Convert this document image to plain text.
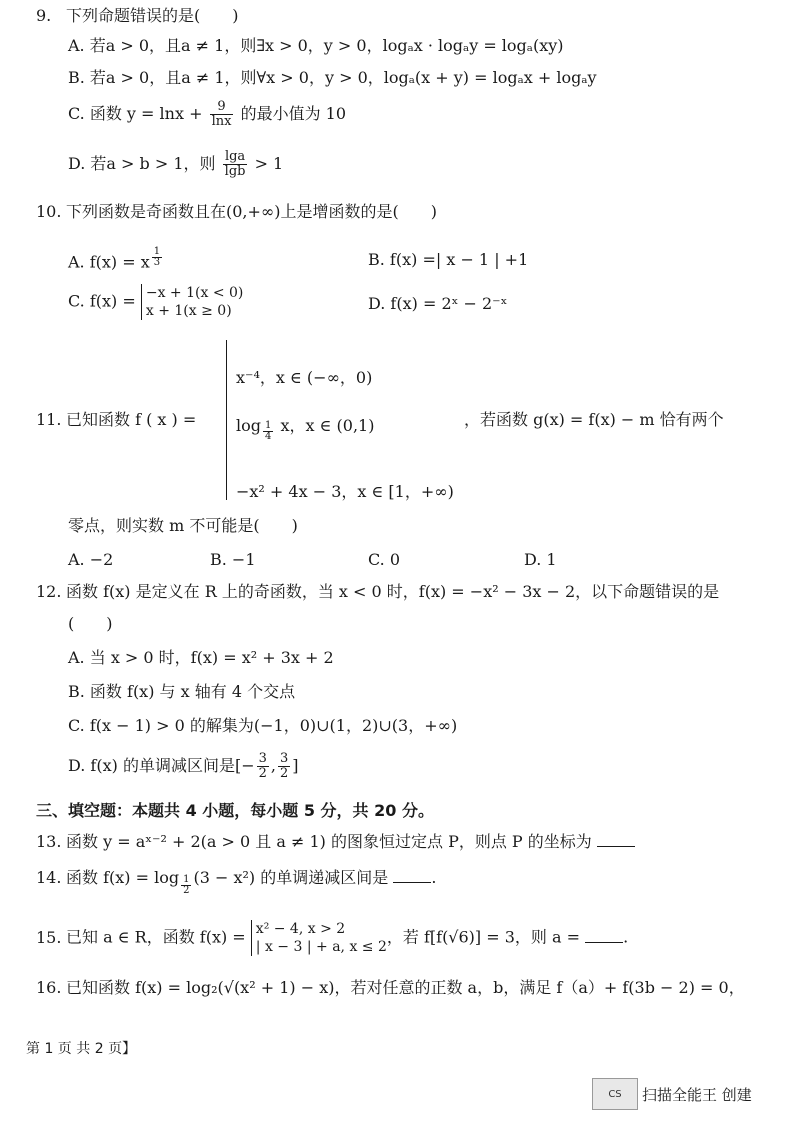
9. 下列命题错误的是(　　)
A. 若a > 0，且a ≠ 1，则∃x > 0，y > 0，logₐx · logₐy = logₐ(xy)
B. 若a > 0，且a ≠ 1，则∀x > 0，y > 0，logₐ(x + y) = logₐx + logₐy
C. 函数 $y = \ln x + \frac{9}{\ln x}$ 的最小值为 10
D. 若a > b > 1，则 $\frac{\lg a}{\lg b} > 1$
10. 下列函数是奇函数且在(0,+∞)上是增函数的是(　　)
A. f(x) = x $^{\frac{1}{3}}$	B. f(x) =| x − 1 | +1
C. f(x) = −x + 1(x < 0)
x + 1(x ≥ 0)	D. f(x) = 2ˣ − 2⁻ˣ
11. 已知函数 f ( x ) =
x⁻⁴，x ∈ (−∞，0)
$\log \frac{1}{4}$ x，x ∈ (0,1)
−x² + 4x − 3，x ∈ [1，+∞)
，若函数 g(x) = f(x) − m 恰有两个
零点，则实数 m 不可能是(　　)
A. −2	B. −1	C. 0	D. 1
12. 函数 f(x) 是定义在 R 上的奇函数，当 x < 0 时，f(x) = −x² − 3x − 2，以下命题错误的是
(　　)
A. 当 x > 0 时，f(x) = x² + 3x + 2
B. 函数 f(x) 与 x 轴有 4 个交点
C. f(x − 1) > 0 的解集为(−1，0)∪(1，2)∪(3，+∞)
D. f(x) 的单调减区间是[− $\frac{3}{2}$ , $\frac{3}{2}$ ]
三、填空题：本题共 4 小题，每小题 5 分，共 20 分。
13. 函数 y = aˣ⁻² + 2(a > 0 且 a ≠ 1) 的图象恒过定点 P，则点 P 的坐标为
14. 函数 $f(x) = \log \frac{1}{2} (3 - x^2)$ 的单调递减区间是	.
15. 已知 a ∈ R，函数 f(x) = x² − 4, x > 2
| x − 3 | + a, x ≤ 2
，若 f[f(√6)] = 3，则 a =	.
16. 已知函数 f(x) = log₂(√(x² + 1) − x)，若对任意的正数 a，b，满足 f（a）+ f(3b − 2) = 0，
第 1 页 共 2 页】
CS	扫描全能王 创建
